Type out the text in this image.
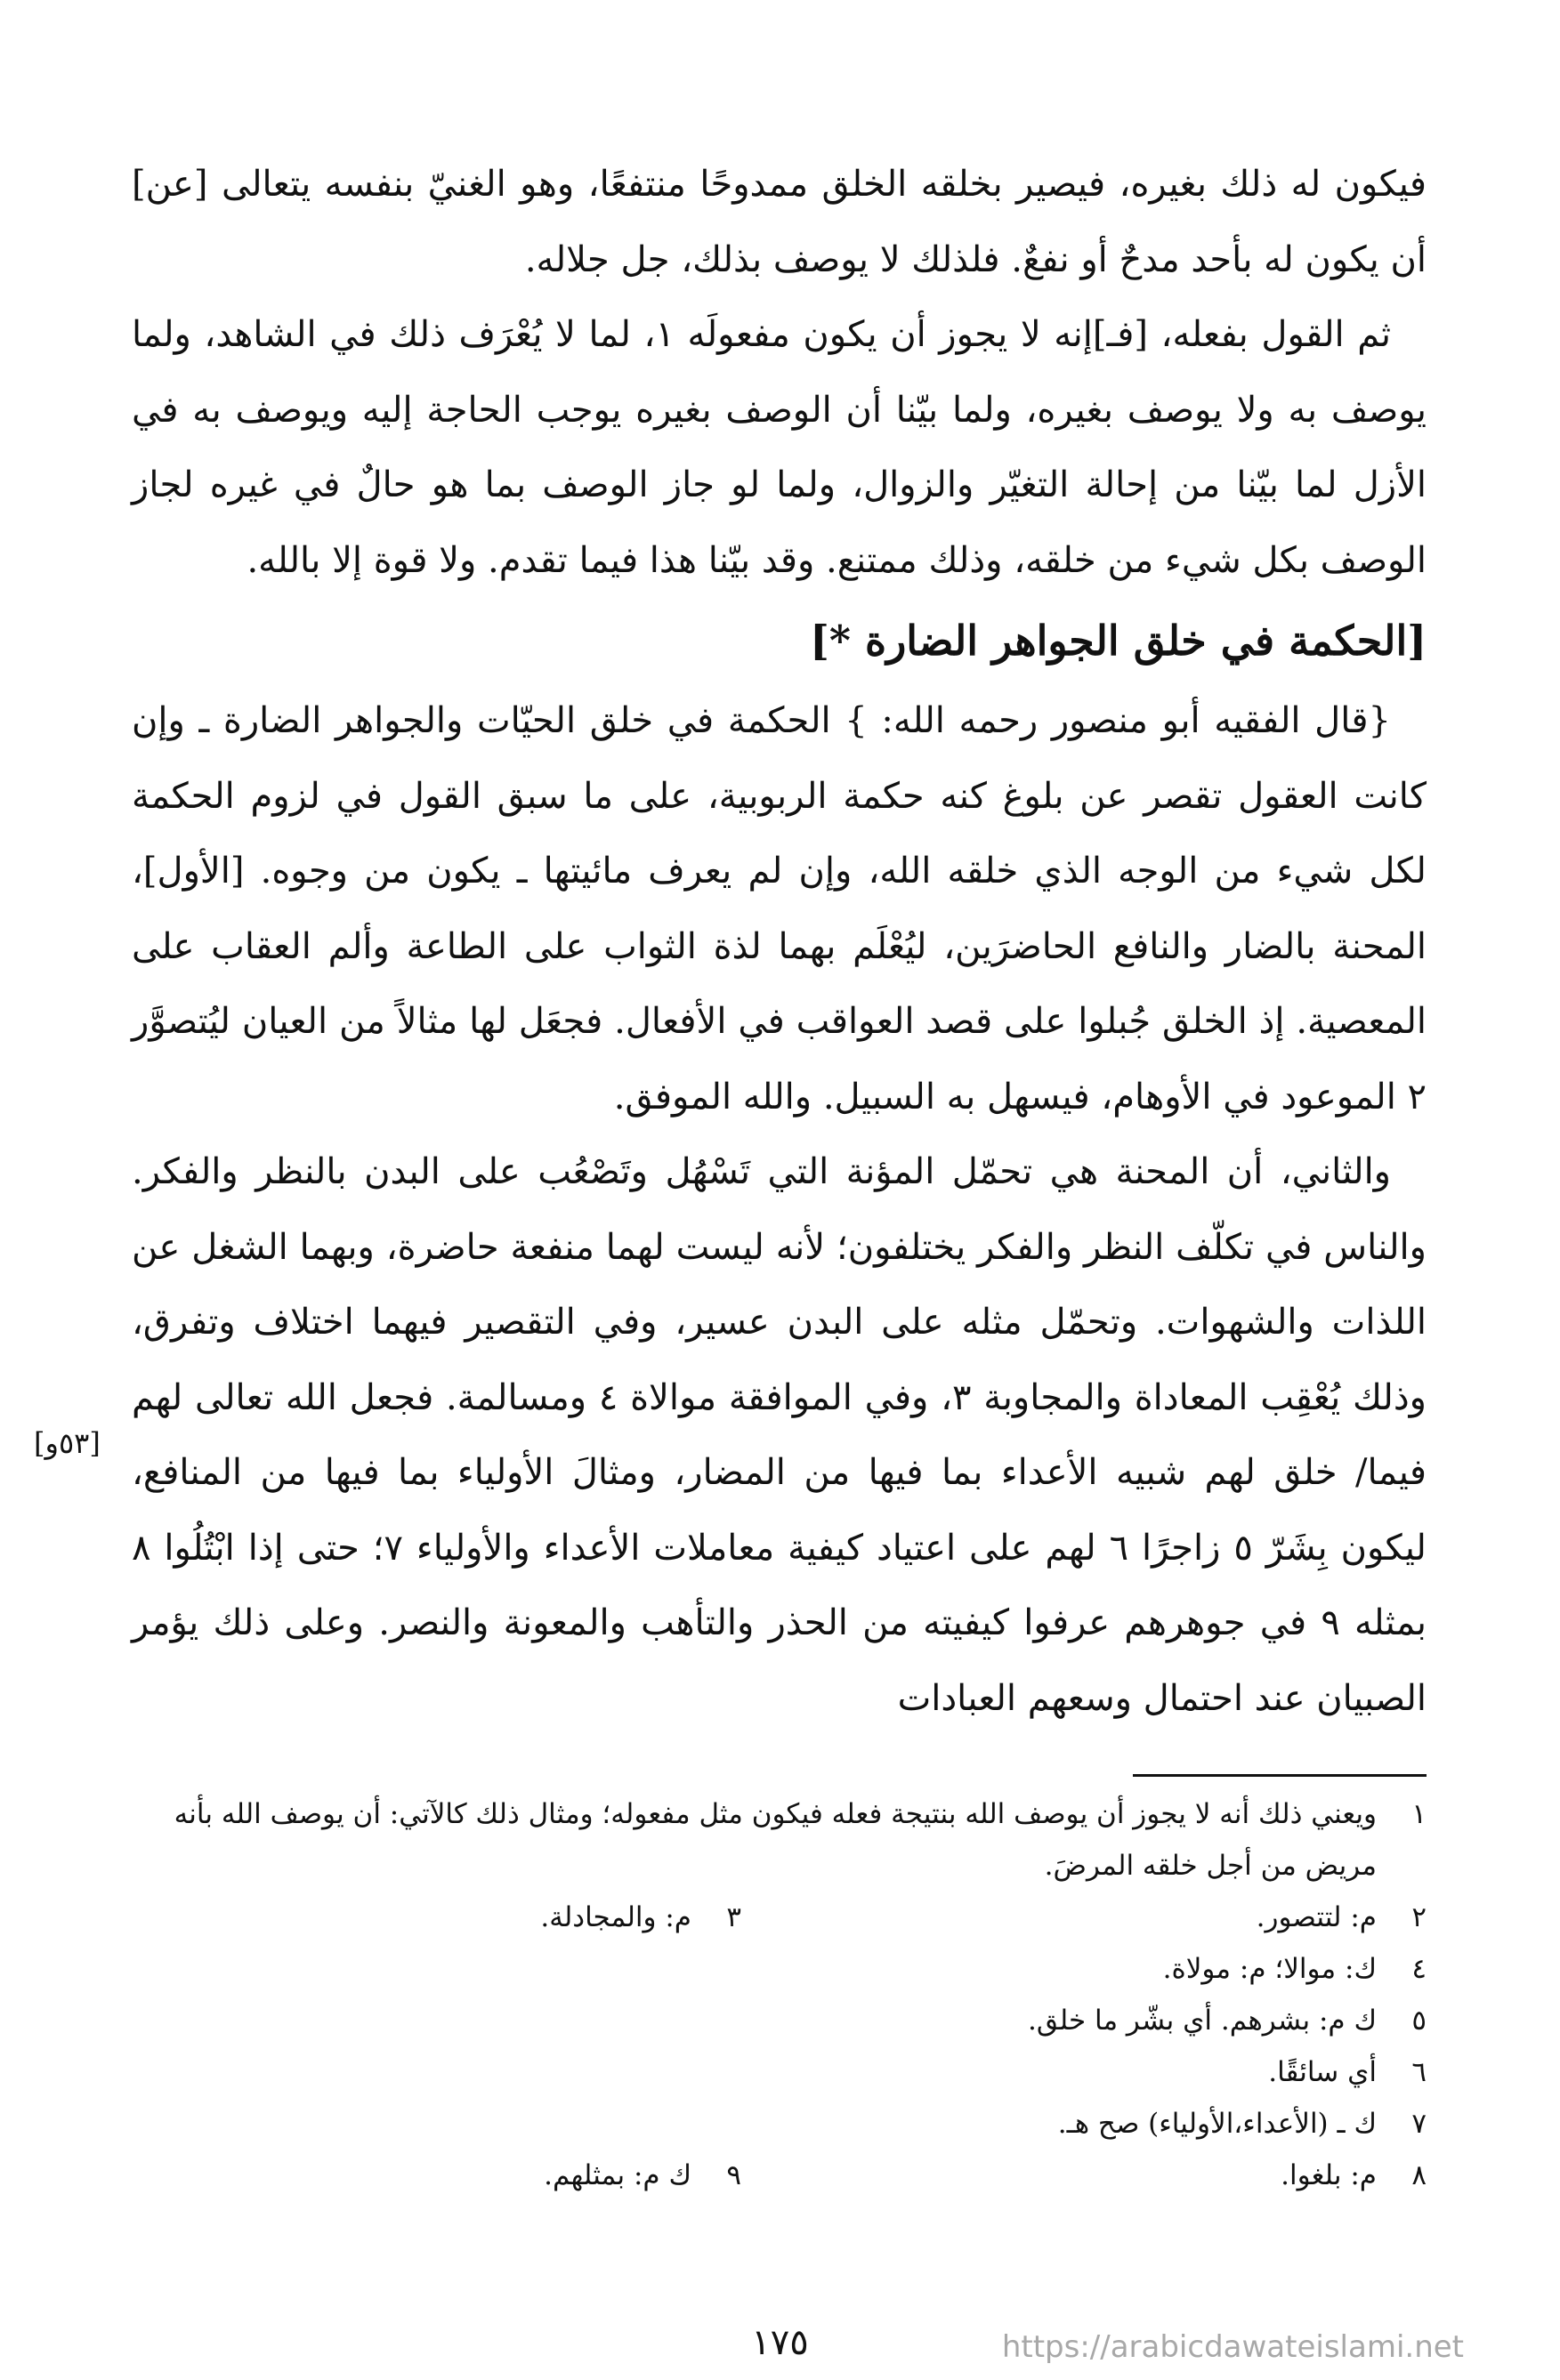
فيكون له ذلك بغيره، فيصير بخلقه الخلق ممدوحًا منتفعًا، وهو الغنيّ بنفسه يتعالى [عن] أن يكون له بأحد مدحٌ أو نفعٌ. فلذلك لا يوصف بذلك، جل جلاله.

ثم القول بفعله، [فـ]إنه لا يجوز أن يكون مفعولَه ١، لما لا يُعْرَف ذلك في الشاهد، ولما يوصف به ولا يوصف بغيره، ولما بيّنا أن الوصف بغيره يوجب الحاجة إليه ويوصف به في الأزل لما بيّنا من إحالة التغيّر والزوال، ولما لو جاز الوصف بما هو حالٌ في غيره لجاز الوصف بكل شيء من خلقه، وذلك ممتنع. وقد بيّنا هذا فيما تقدم. ولا قوة إلا بالله.

[الحكمة في خلق الجواهر الضارة *]

{قال الفقيه أبو منصور رحمه الله: } الحكمة في خلق الحيّات والجواهر الضارة ـ وإن كانت العقول تقصر عن بلوغ كنه حكمة الربوبية، على ما سبق القول في لزوم الحكمة لكل شيء من الوجه الذي خلقه الله، وإن لم يعرف مائيتها ـ يكون من وجوه. [الأول]، المحنة بالضار والنافع الحاضرَين، ليُعْلَم بهما لذة الثواب على الطاعة وألم العقاب على المعصية. إذ الخلق جُبلوا على قصد العواقب في الأفعال. فجعَل لها مثالاً من العيان ليُتصوَّر ٢ الموعود في الأوهام، فيسهل به السبيل. والله الموفق.

والثاني، أن المحنة هي تحمّل المؤنة التي تَسْهُل وتَصْعُب على البدن بالنظر والفكر. والناس في تكلّف النظر والفكر يختلفون؛ لأنه ليست لهما منفعة حاضرة، وبهما الشغل عن اللذات والشهوات. وتحمّل مثله على البدن عسير، وفي التقصير فيهما اختلاف وتفرق، وذلك يُعْقِب المعاداة والمجاوبة ٣، وفي الموافقة موالاة ٤ ومسالمة. فجعل الله تعالى لهم فيما/ خلق لهم شبيه الأعداء بما فيها من المضار، ومثالَ الأولياء بما فيها من المنافع، ليكون بِشَرّ ٥ زاجرًا ٦ لهم على اعتياد كيفية معاملات الأعداء والأولياء ٧؛ حتى إذا ابْتُلُوا ٨ بمثله ٩ في جوهرهم عرفوا كيفيته من الحذر والتأهب والمعونة والنصر. وعلى ذلك يؤمر الصبيان عند احتمال وسعهم العبادات

[٥٣و]
١
ويعني ذلك أنه لا يجوز أن يوصف الله بنتيجة فعله فيكون مثل مفعوله؛ ومثال ذلك كالآتي: أن يوصف الله بأنه مريض من أجل خلقه المرضَ.
٢
م: لتتصور.
٣
م: والمجادلة.
٤
ك: موالا؛ م: مولاة.
٥
ك م: بشرهم. أي بشّر ما خلق.
٦
أي سائقًا.
٧
ك ـ (الأعداء،الأولياء) صح هـ.
٨
م: بلغوا.
٩
ك م: بمثلهم.
١٧٥	https://arabicdawateislami.net
